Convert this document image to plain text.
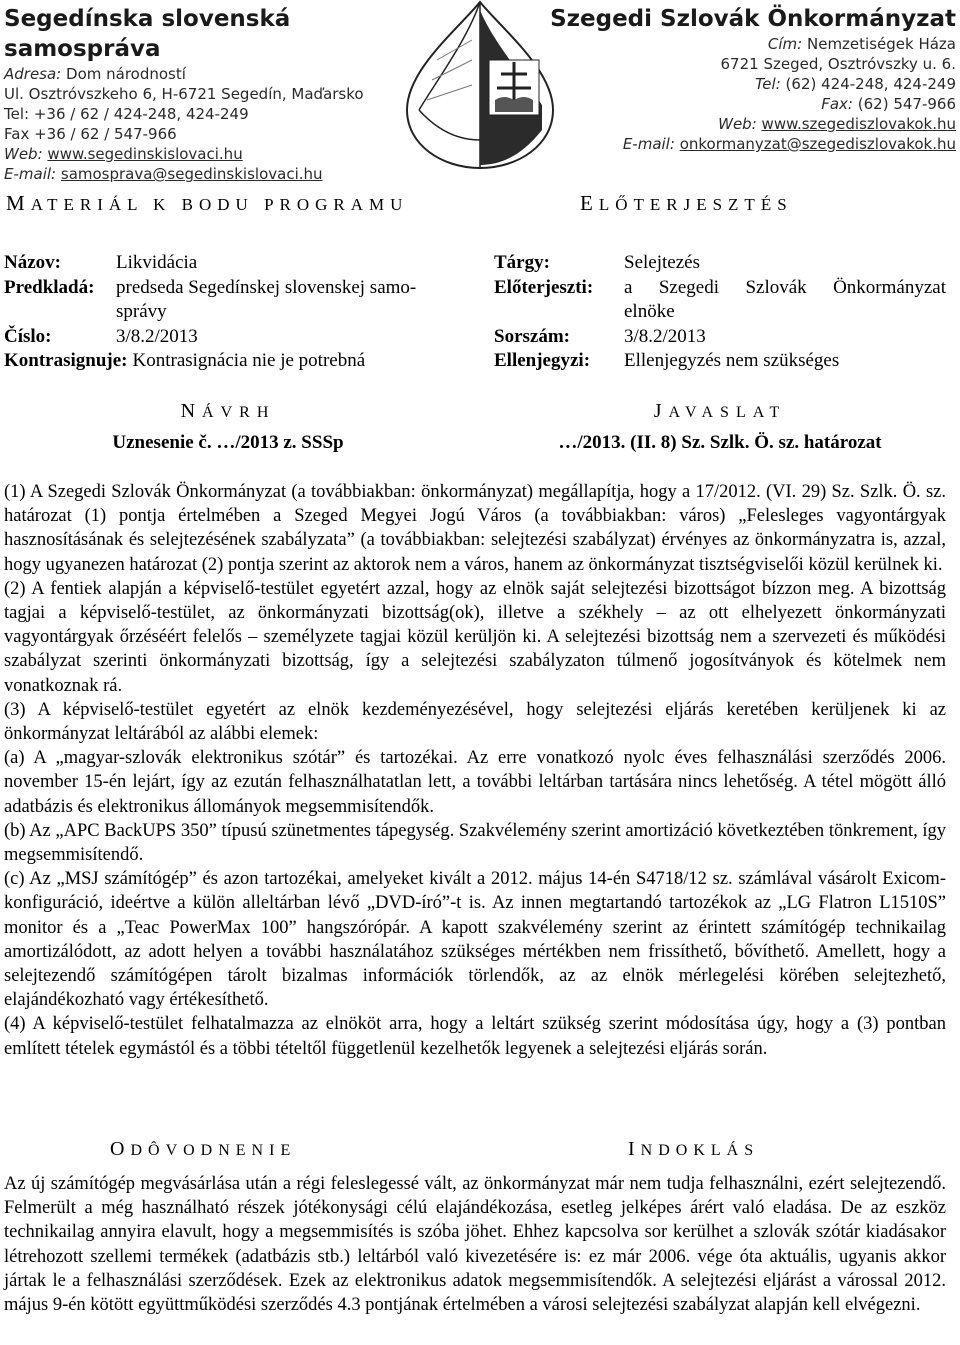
Segedínska slovenská samospráva
Adresa: Dom národností
Ul. Osztróvszkeho 6, H-6721 Segedín, Maďarsko
Tel: +36 / 62 / 424-248, 424-249
Fax +36 / 62 / 547-966
Web: www.segedinskislovaci.hu
E-mail: samosprava@segedinskislovaci.hu
Szegedi Szlovák Önkormányzat
Cím: Nemzetiségek Háza
6721 Szeged, Osztróvszky u. 6.
Tel: (62) 424-248, 424-249
Fax: (62) 547-966
Web: www.szegediszlovakok.hu
E-mail: onkormanyzat@szegediszlovakok.hu
MATERIÁL K BODU PROGRAMU	ELŐTERJESZTÉS
Názov:	Likvidácia
Predkladá:	predseda Segedínskej slovenskej samo-
správy
Číslo:	3/8.2/2013
Kontrasignuje: Kontrasignácia nie je potrebná
Tárgy:	Selejtezés
Előterjeszti:	a Szegedi Szlovák Önkormányzat
elnöke
Sorszám:	3/8.2/2013
Ellenjegyzi:	Ellenjegyzés nem szükséges
NÁVRH	JAVASLAT
Uznesenie č. …/2013 z. SSSp	…/2013. (II. 8) Sz. Szlk. Ö. sz. határozat

(1) A Szegedi Szlovák Önkormányzat (a továbbiakban: önkormányzat) megállapítja, hogy a 17/2012. (VI. 29) Sz. Szlk. Ö. sz. határozat (1) pontja értelmében a Szeged Megyei Jogú Város (a továbbiakban: város) „Felesleges vagyontárgyak hasznosításának és selejtezésének szabályzata” (a továbbiakban: selejtezési szabályzat) érvényes az önkormányzatra is, azzal, hogy ugyanezen határozat (2) pontja szerint az aktorok nem a város, hanem az önkormányzat tisztségviselői közül kerülnek ki.

(2) A fentiek alapján a képviselő-testület egyetért azzal, hogy az elnök saját selejtezési bizottságot bízzon meg. A bizottság tagjai a képviselő-testület, az önkormányzati bizottság(ok), illetve a székhely – az ott elhelyezett önkormányzati vagyontárgyak őrzéséért felelős – személyzete tagjai közül kerüljön ki. A selejtezési bizottság nem a szervezeti és működési szabályzat szerinti önkormányzati bizottság, így a selejtezési szabályzaton túlmenő jogosítványok és kötelmek nem vonatkoznak rá.

(3) A képviselő-testület egyetért az elnök kezdeményezésével, hogy selejtezési eljárás keretében kerüljenek ki az önkormányzat leltárából az alábbi elemek:

(a) A „magyar-szlovák elektronikus szótár” és tartozékai. Az erre vonatkozó nyolc éves felhasználási szerződés 2006. november 15-én lejárt, így az ezután felhasználhatatlan lett, a további leltárban tartására nincs lehetőség. A tétel mögött álló adatbázis és elektronikus állományok megsemmisítendők.

(b) Az „APC BackUPS 350” típusú szünetmentes tápegység. Szakvélemény szerint amortizáció következtében tönkrement, így megsemmisítendő.

(c) Az „MSJ számítógép” és azon tartozékai, amelyeket kivált a 2012. május 14-én S4718/12 sz. számlával vásárolt Exicom-konfiguráció, ideértve a külön alleltárban lévő „DVD-író”-t is. Az innen megtartandó tartozékok az „LG Flatron L1510S” monitor és a „Teac PowerMax 100” hangszórópár. A kapott szakvélemény szerint az érintett számítógép technikailag amortizálódott, az adott helyen a további használatához szükséges mértékben nem frissíthető, bővíthető. Amellett, hogy a selejtezendő számítógépen tárolt bizalmas információk törlendők, az az elnök mérlegelési körében selejtezhető, elajándékozható vagy értékesíthető.

(4) A képviselő-testület felhatalmazza az elnököt arra, hogy a leltárt szükség szerint módosítása úgy, hogy a (3) pontban említett tételek egymástól és a többi tételtől függetlenül kezelhetők legyenek a selejtezési eljárás során.

ODÔVODNENIE	INDOKLÁS

Az új számítógép megvásárlása után a régi feleslegessé vált, az önkormányzat már nem tudja felhasználni, ezért selejtezendő. Felmerült a még használható részek jótékonysági célú elajándékozása, esetleg jelképes árért való eladása. De az eszköz technikailag annyira elavult, hogy a megsemmisítés is szóba jöhet. Ehhez kapcsolva sor kerülhet a szlovák szótár kiadásakor létrehozott szellemi termékek (adatbázis stb.) leltárból való kivezetésére is: ez már 2006. vége óta aktuális, ugyanis akkor jártak le a felhasználási szerződések. Ezek az elektronikus adatok megsemmisítendők. A selejtezési eljárást a várossal 2012. május 9-én kötött együttműködési szerződés 4.3 pontjának értelmében a városi selejtezési szabályzat alapján kell elvégezni.
